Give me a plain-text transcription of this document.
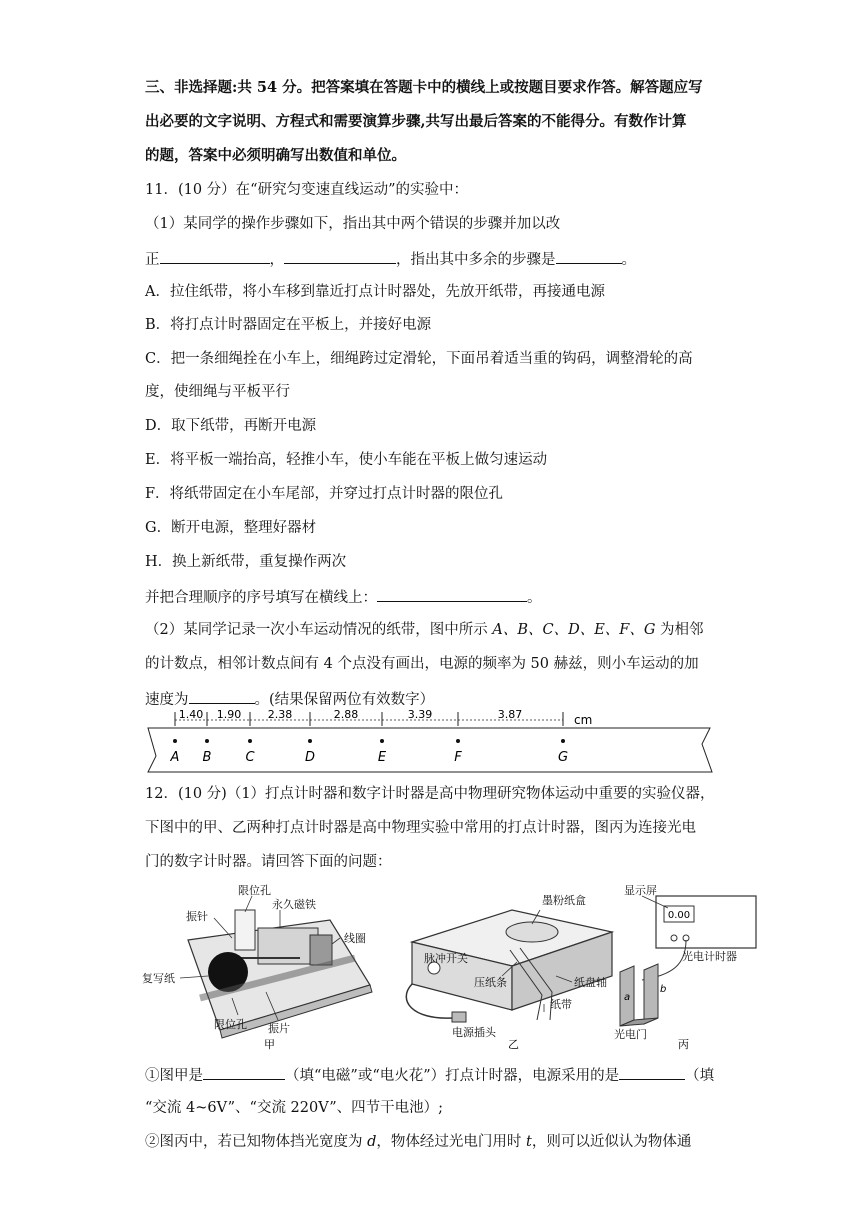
三、非选择题:共 54 分。把答案填在答题卡中的横线上或按题目要求作答。解答题应写
出必要的文字说明、方程式和需要演算步骤,共写出最后答案的不能得分。有数作计算
的题，答案中必须明确写出数值和单位。
11．(10 分）在“研究匀变速直线运动”的实验中：
（1）某同学的操作步骤如下，指出其中两个错误的步骤并加以改
正	，	，指出其中多余的步骤是	。
A．拉住纸带，将小车移到靠近打点计时器处，先放开纸带，再接通电源
B．将打点计时器固定在平板上，并接好电源
C．把一条细绳拴在小车上，细绳跨过定滑轮，下面吊着适当重的钩码，调整滑轮的高
度，使细绳与平板平行
D．取下纸带，再断开电源
E．将平板一端抬高，轻推小车，使小车能在平板上做匀速运动
F．将纸带固定在小车尾部，并穿过打点计时器的限位孔
G．断开电源，整理好器材
H．换上新纸带，重复操作两次
并把合理顺序的序号填写在横线上：	。
（2）某同学记录一次小车运动情况的纸带，图中所示 A、B、C、D、E、F、G 为相邻
的计数点，相邻计数点间有 4 个点没有画出，电源的频率为 50 赫兹，则小车运动的加
速度为	。(结果保留两位有效数字）
1.40 1.90 2.38	2.88	3.39	3.87	cm
A B	C	D	E	F	G
12．(10 分)（1）打点计时器和数字计时器是高中物理研究物体运动中重要的实验仪器，
下图中的甲、乙两种打点计时器是高中物理实验中常用的打点计时器，图丙为连接光电
门的数字计时器。请回答下面的问题：
限位孔
永久磁铁
振针
线圈
复写纸
限位孔 振片
甲
墨粉纸盒
脉冲开关
压纸条	纸盘轴
纸带
电源插头
乙
0.00
a
b
显示屏
光电计时器
光电门
丙
①图甲是	（填“电磁”或“电火花”）打点计时器，电源采用的是	（填
“交流 4~6V”、“交流 220V”、四节干电池）;
②图丙中，若已知物体挡光宽度为 d，物体经过光电门用时 t，则可以近似认为物体通
